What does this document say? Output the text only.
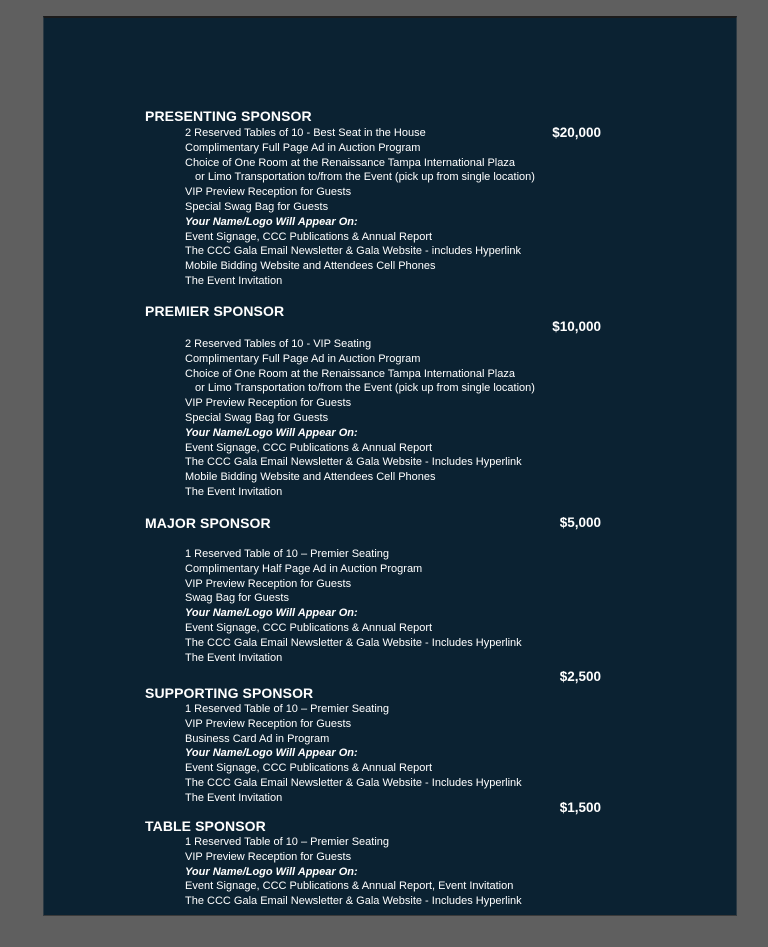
PRESENTING SPONSOR
$20,000
2 Reserved Tables of 10 - Best Seat in the House
Complimentary Full Page Ad in Auction Program
Choice of One Room at the Renaissance Tampa International Plaza
or Limo Transportation to/from the Event (pick up from single location)
VIP Preview Reception for Guests
Special Swag Bag for Guests
Your Name/Logo Will Appear On:
Event Signage, CCC Publications & Annual Report
The CCC Gala Email Newsletter & Gala Website - includes Hyperlink
Mobile Bidding Website and Attendees Cell Phones
The Event Invitation
PREMIER SPONSOR
$10,000
2 Reserved Tables of 10 - VIP Seating
Complimentary Full Page Ad in Auction Program
Choice of One Room at the Renaissance Tampa International Plaza
or Limo Transportation to/from the Event (pick up from single location)
VIP Preview Reception for Guests
Special Swag Bag for Guests
Your Name/Logo Will Appear On:
Event Signage, CCC Publications & Annual Report
The CCC Gala Email Newsletter & Gala Website - Includes Hyperlink
Mobile Bidding Website and Attendees Cell Phones
The Event Invitation
MAJOR SPONSOR	$5,000
1 Reserved Table of 10 – Premier Seating
Complimentary Half Page Ad in Auction Program
VIP Preview Reception for Guests
Swag Bag for Guests
Your Name/Logo Will Appear On:
Event Signage, CCC Publications & Annual Report
The CCC Gala Email Newsletter & Gala Website - Includes Hyperlink
The Event Invitation
$2,500
SUPPORTING SPONSOR
1 Reserved Table of 10 – Premier Seating
VIP Preview Reception for Guests
Business Card Ad in Program
Your Name/Logo Will Appear On:
Event Signage, CCC Publications & Annual Report
The CCC Gala Email Newsletter & Gala Website - Includes Hyperlink
The Event Invitation
$1,500
TABLE SPONSOR
1 Reserved Table of 10 – Premier Seating
VIP Preview Reception for Guests
Your Name/Logo Will Appear On:
Event Signage, CCC Publications & Annual Report, Event Invitation
The CCC Gala Email Newsletter & Gala Website - Includes Hyperlink
